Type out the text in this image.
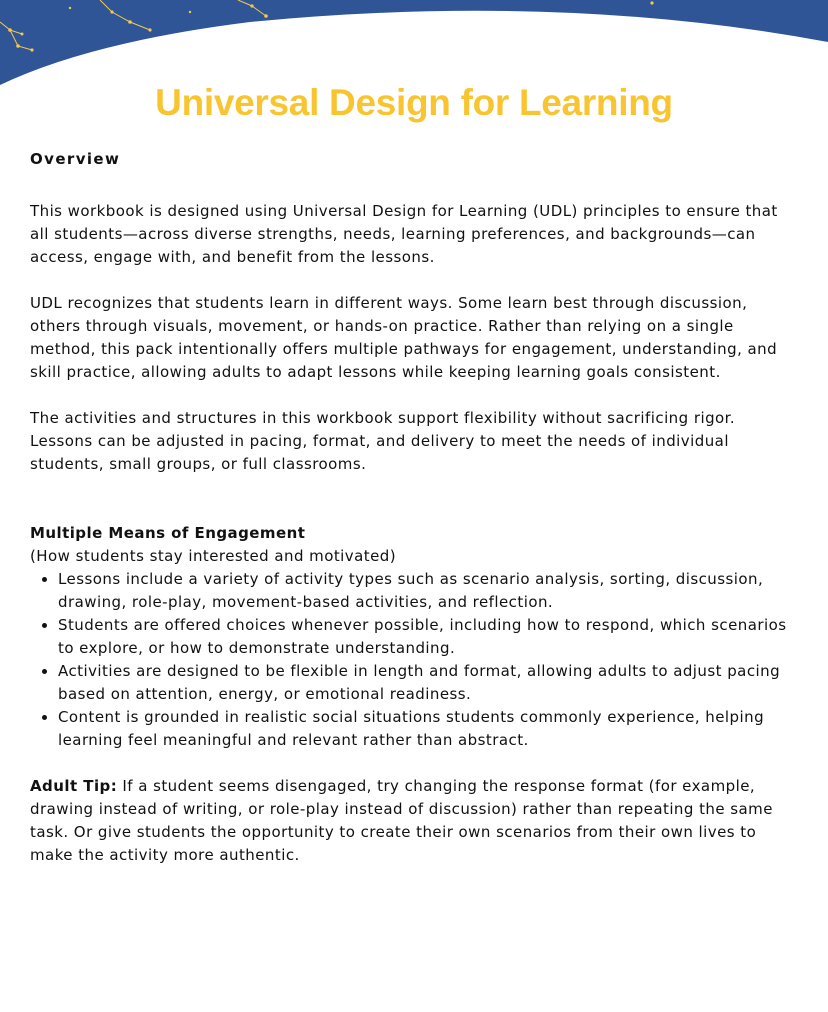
Universal Design for Learning

Overview

This workbook is designed using Universal Design for Learning (UDL) principles to ensure that all students—across diverse strengths, needs, learning preferences, and backgrounds—can access, engage with, and benefit from the lessons.

UDL recognizes that students learn in different ways. Some learn best through discussion, others through visuals, movement, or hands-on practice. Rather than relying on a single method, this pack intentionally offers multiple pathways for engagement, understanding, and skill practice, allowing adults to adapt lessons while keeping learning goals consistent.

The activities and structures in this workbook support flexibility without sacrificing rigor. Lessons can be adjusted in pacing, format, and delivery to meet the needs of individual students, small groups, or full classrooms.

Multiple Means of Engagement

(How students stay interested and motivated)

• Lessons include a variety of activity types such as scenario analysis, sorting, discussion, drawing, role-play, movement-based activities, and reflection.
• Students are offered choices whenever possible, including how to respond, which scenarios to explore, or how to demonstrate understanding.
• Activities are designed to be flexible in length and format, allowing adults to adjust pacing based on attention, energy, or emotional readiness.
• Content is grounded in realistic social situations students commonly experience, helping learning feel meaningful and relevant rather than abstract.

Adult Tip: If a student seems disengaged, try changing the response format (for example, drawing instead of writing, or role-play instead of discussion) rather than repeating the same task. Or give students the opportunity to create their own scenarios from their own lives to make the activity more authentic.
